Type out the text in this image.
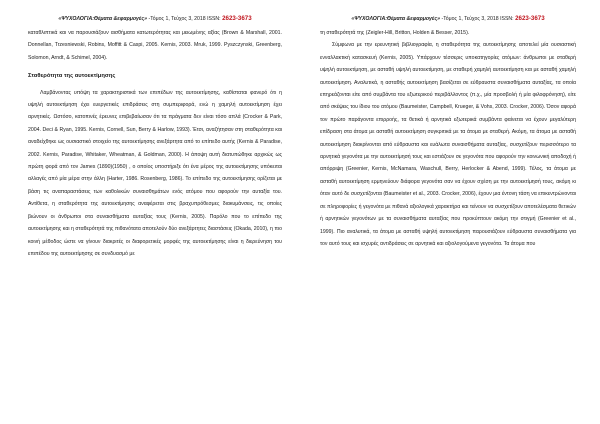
«ΨΥΧΟΛΟΓΙΑ:Θέματα &εφαρμογές» -Τόμος 1, Τεύχος 3, 2018 ISSN: 2623-3673

καταθλιπτικά και να παρουσιάζουν αισθήματα κατωτερότητας και μειωμένης αξίας (Brown & Marshall, 2001. Donnellan, Trzesniewski, Robins, Moffitt & Caspi, 2005. Kernis, 2003. Mruk, 1999. Pyszczynski, Greenberg, Solomon, Arndt, & Schimel, 2004).

Σταθερότητα της αυτοεκτίμησης

Λαμβάνοντας υπόψη τα χαρακτηριστικά των επιπέδων της αυτοεκτίμησης, καθίσταται φανερό ότι η υψηλή αυτοεκτίμηση έχει ευεργετικές επιδράσεις στη συμπεριφορά, ενώ η χαμηλή αυτοεκτίμηση έχει αρνητικές. Ωστόσο, κατοπινές έρευνες επιβεβαίωσαν ότι τα πράγματα δεν είναι τόσο απλά (Crocker & Park, 2004. Deci & Ryan, 1995. Kernis, Cornell, Sun, Berry & Harlow, 1993). Έτσι, αναζήτησαν στη σταθερότητα και αναδείχθηκε ως ουσιαστικό στοιχείο της αυτοεκτίμησης ανεξάρτητα από το επίπεδο αυτής (Kernis & Paradise, 2002. Kernis, Paradise, Whitaker, Wheatman, & Goldman, 2000). Η άποψη αυτή διατυπώθηκε αρχικώς ως πρώτη φορά από τον James (1890)(1950) , ο οποίος υποστήριξε ότι ένα μέρος της αυτοεκτίμησης υπόκειται αλλαγές από μία μέρα στην άλλη (Harter, 1986. Rosenberg, 1986). Το επίπεδο της αυτοεκτίμησης ορίζεται με βάση τις αναπαραστάσεις των καθολικών συναισθημάτων ενός ατόμου που αφορούν την αυταξία του. Αντίθετα, η σταθερότητα της αυτοεκτίμησης αναφέρεται στις βραχυπρόθεσμες διακυμάνσεις, τις οποίες βιώνουν οι άνθρωποι στα συναισθήματα αυταξίας τους (Kernis, 2005). Παρόλο που το επίπεδο της αυτοεκτίμησης και η σταθερότητά της πιθανότατα αποτελούν δύο ανεξάρτητες διαστάσεις (Okada, 2010), η πιο κοινή μέθοδος ώστε να γίνουν διακριτές οι διαφορετικές μορφές της αυτοεκτίμησης είναι η διερεύνηση του επιπέδου της αυτοεκτίμησης σε συνδυασμό με

«ΨΥΧΟΛΟΓΙΑ:Θέματα &εφαρμογές» -Τόμος 1, Τεύχος 3, 2018 ISSN: 2623-3673

τη σταθερότητά της (Zeigler-Hill, Britton, Holden & Besser, 2015).

Σύμφωνα με την ερευνητική βιβλιογραφία, η σταθερότητα της αυτοεκτίμησης αποτελεί μία ουσιαστική ενναλλακτική κατασκευή (Kernis, 2005). Υπάρχουν τέσσερις υποκατηγορίες ατόμων: άνθρωποι με σταθερή υψηλή αυτοεκτίμηση, με ασταθή υψηλή αυτοεκτίμηση, με σταθερή χαμηλή αυτοεκτίμηση και με ασταθή χαμηλή αυτοεκτίμηση. Αναλυτικά, η ασταθής αυτοεκτίμηση βασίζεται σε εύθραυστα συναισθήματα αυταξίας, τα οποία επηρεάζονται είτε από συμβάντα του εξωτερικού περιβάλλοντος (π.χ., μία προσβολή ή μία φιλοφρόνηση), είτε από σκέψεις του ίδιου του ατόμου (Baumeister, Campbell, Krueger, & Vohs, 2003. Crocker, 2006). Όσον αφορά τον πρώτο παράγοντα επιρροής, τα θετικά ή αρνητικά εξωτερικά συμβάντα φαίνεται να έχουν μεγαλύτερη επίδραση στα άτομα με ασταθή αυτοεκτίμηση συγκριτικά με τα άτομα με σταθερή. Ακόμη, τα άτομα με ασταθή αυτοεκτίμηση διακρίνονται από εύθραυστα και ευάλωτα συναισθήματα αυταξίας, συσχετίζουν περισσότερο τα αρνητικά γεγονότα με την αυτοεκτίμησή τους και εστιάζουν σε γεγονότα που αφορούν την κοινωνική αποδοχή ή απόρριψη (Greenier, Kernis, McNamara, Waschull, Berry, Herlocker & Abend, 1999). Τέλος, τα άτομα με ασταθή αυτοεκτίμηση ερμηνεύουν διάφορα γεγονότα σαν να έχουν σχέση με την αυτοεκτίμησή τους, ακόμη κι όταν αυτό δε συσχετίζονται (Baumeister et al., 2003. Crocker, 2006), έχουν μια έντονη τάση να επικεντρώνονται σε πληροφορίες ή γεγονότα με πιθανά αξιολογικά χαρακτήρα και τείνουν να συσχετίζουν αποτελέσματα θετικών ή αρνητικών γεγονότων με τα συναισθήματα αυταξίας που προκύπτουν ακόμη την στιγμή (Greenier et al., 1999). Πιο αναλυτικά, τα άτομα με ασταθή υψηλή αυτοεκτίμηση παρουσιάζουν εύθραυστα συναισθήματα για τον αυτό τους και ισχυρές αντιδράσεις σε αρνητικά και αξιολογούμενα γεγονότα. Τα άτομα που
